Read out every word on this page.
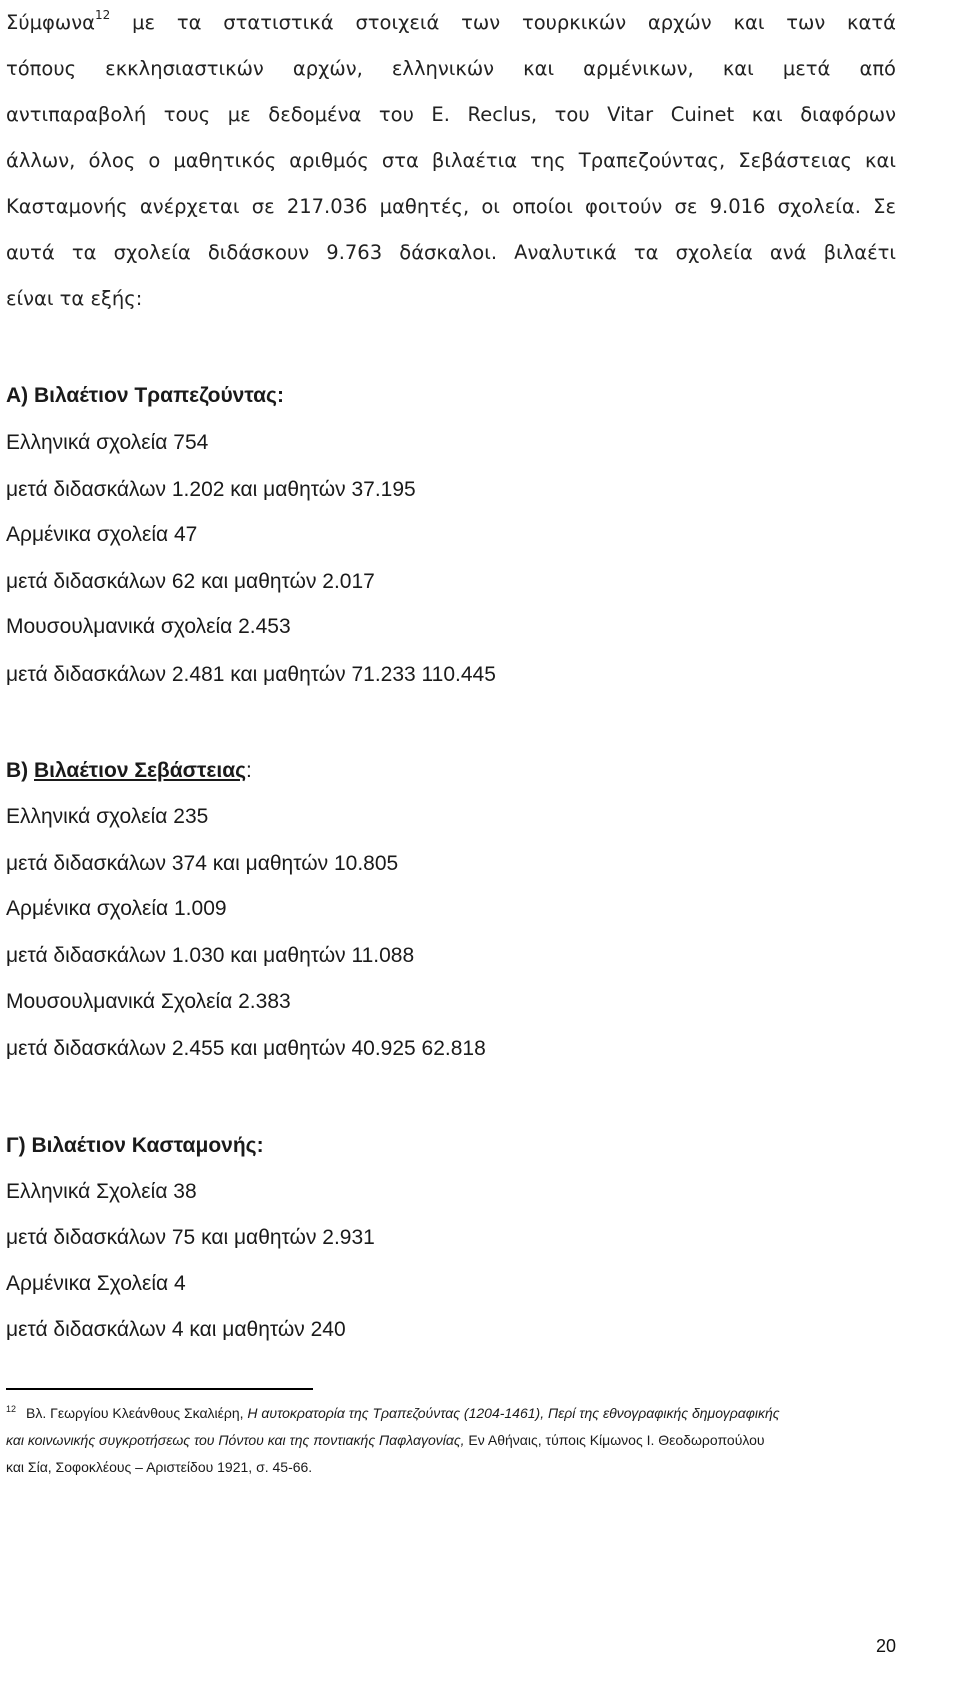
Σύμφωνα$^{12}$ με τα στατιστικά στοιχειά των τουρκικών αρχών και των κατά
τόπους εκκλησιαστικών αρχών, ελληνικών και αρμένικων, και μετά από
αντιπαραβολή τους με δεδομένα του E. Reclus, του Vitar Cuinet και διαφόρων
άλλων, όλος ο μαθητικός αριθμός στα βιλαέτια της Τραπεζούντας, Σεβάστειας και
Κασταμονής ανέρχεται σε 217.036 μαθητές, οι οποίοι φοιτούν σε 9.016 σχολεία. Σε
αυτά τα σχολεία διδάσκουν 9.763 δάσκαλοι. Αναλυτικά τα σχολεία ανά βιλαέτι
είναι τα εξής:
Α) Βιλαέτιον Τραπεζούντας:
Ελληνικά σχολεία 754
μετά διδασκάλων 1.202 και μαθητών 37.195
Αρμένικα σχολεία 47
μετά διδασκάλων 62 και μαθητών 2.017
Μουσουλμανικά σχολεία 2.453
μετά διδασκάλων 2.481 και μαθητών 71.233 110.445
Β) Βιλαέτιον Σεβάστειας:
Ελληνικά σχολεία 235
μετά διδασκάλων 374 και μαθητών 10.805
Αρμένικα σχολεία 1.009
μετά διδασκάλων 1.030 και μαθητών 11.088
Μουσουλμανικά Σχολεία 2.383
μετά διδασκάλων 2.455 και μαθητών 40.925 62.818
Γ) Βιλαέτιον Κασταμονής:
Ελληνικά Σχολεία 38
μετά διδασκάλων 75 και μαθητών 2.931
Αρμένικα Σχολεία 4
μετά διδασκάλων 4 και μαθητών 240
$^{12}$ Βλ. Γεωργίου Κλεάνθους Σκαλιέρη, Η αυτοκρατορία της Τραπεζούντας (1204-1461), Περί της εθνογραφικής δημογραφικής
και κοινωνικής συγκροτήσεως του Πόντου και της ποντιακής Παφλαγονίας, Εν Αθήναις, τύποις Κίμωνος Ι. Θεοδωροπούλου
και Σία, Σοφοκλέους – Αριστείδου 1921, σ. 45-66.
20
